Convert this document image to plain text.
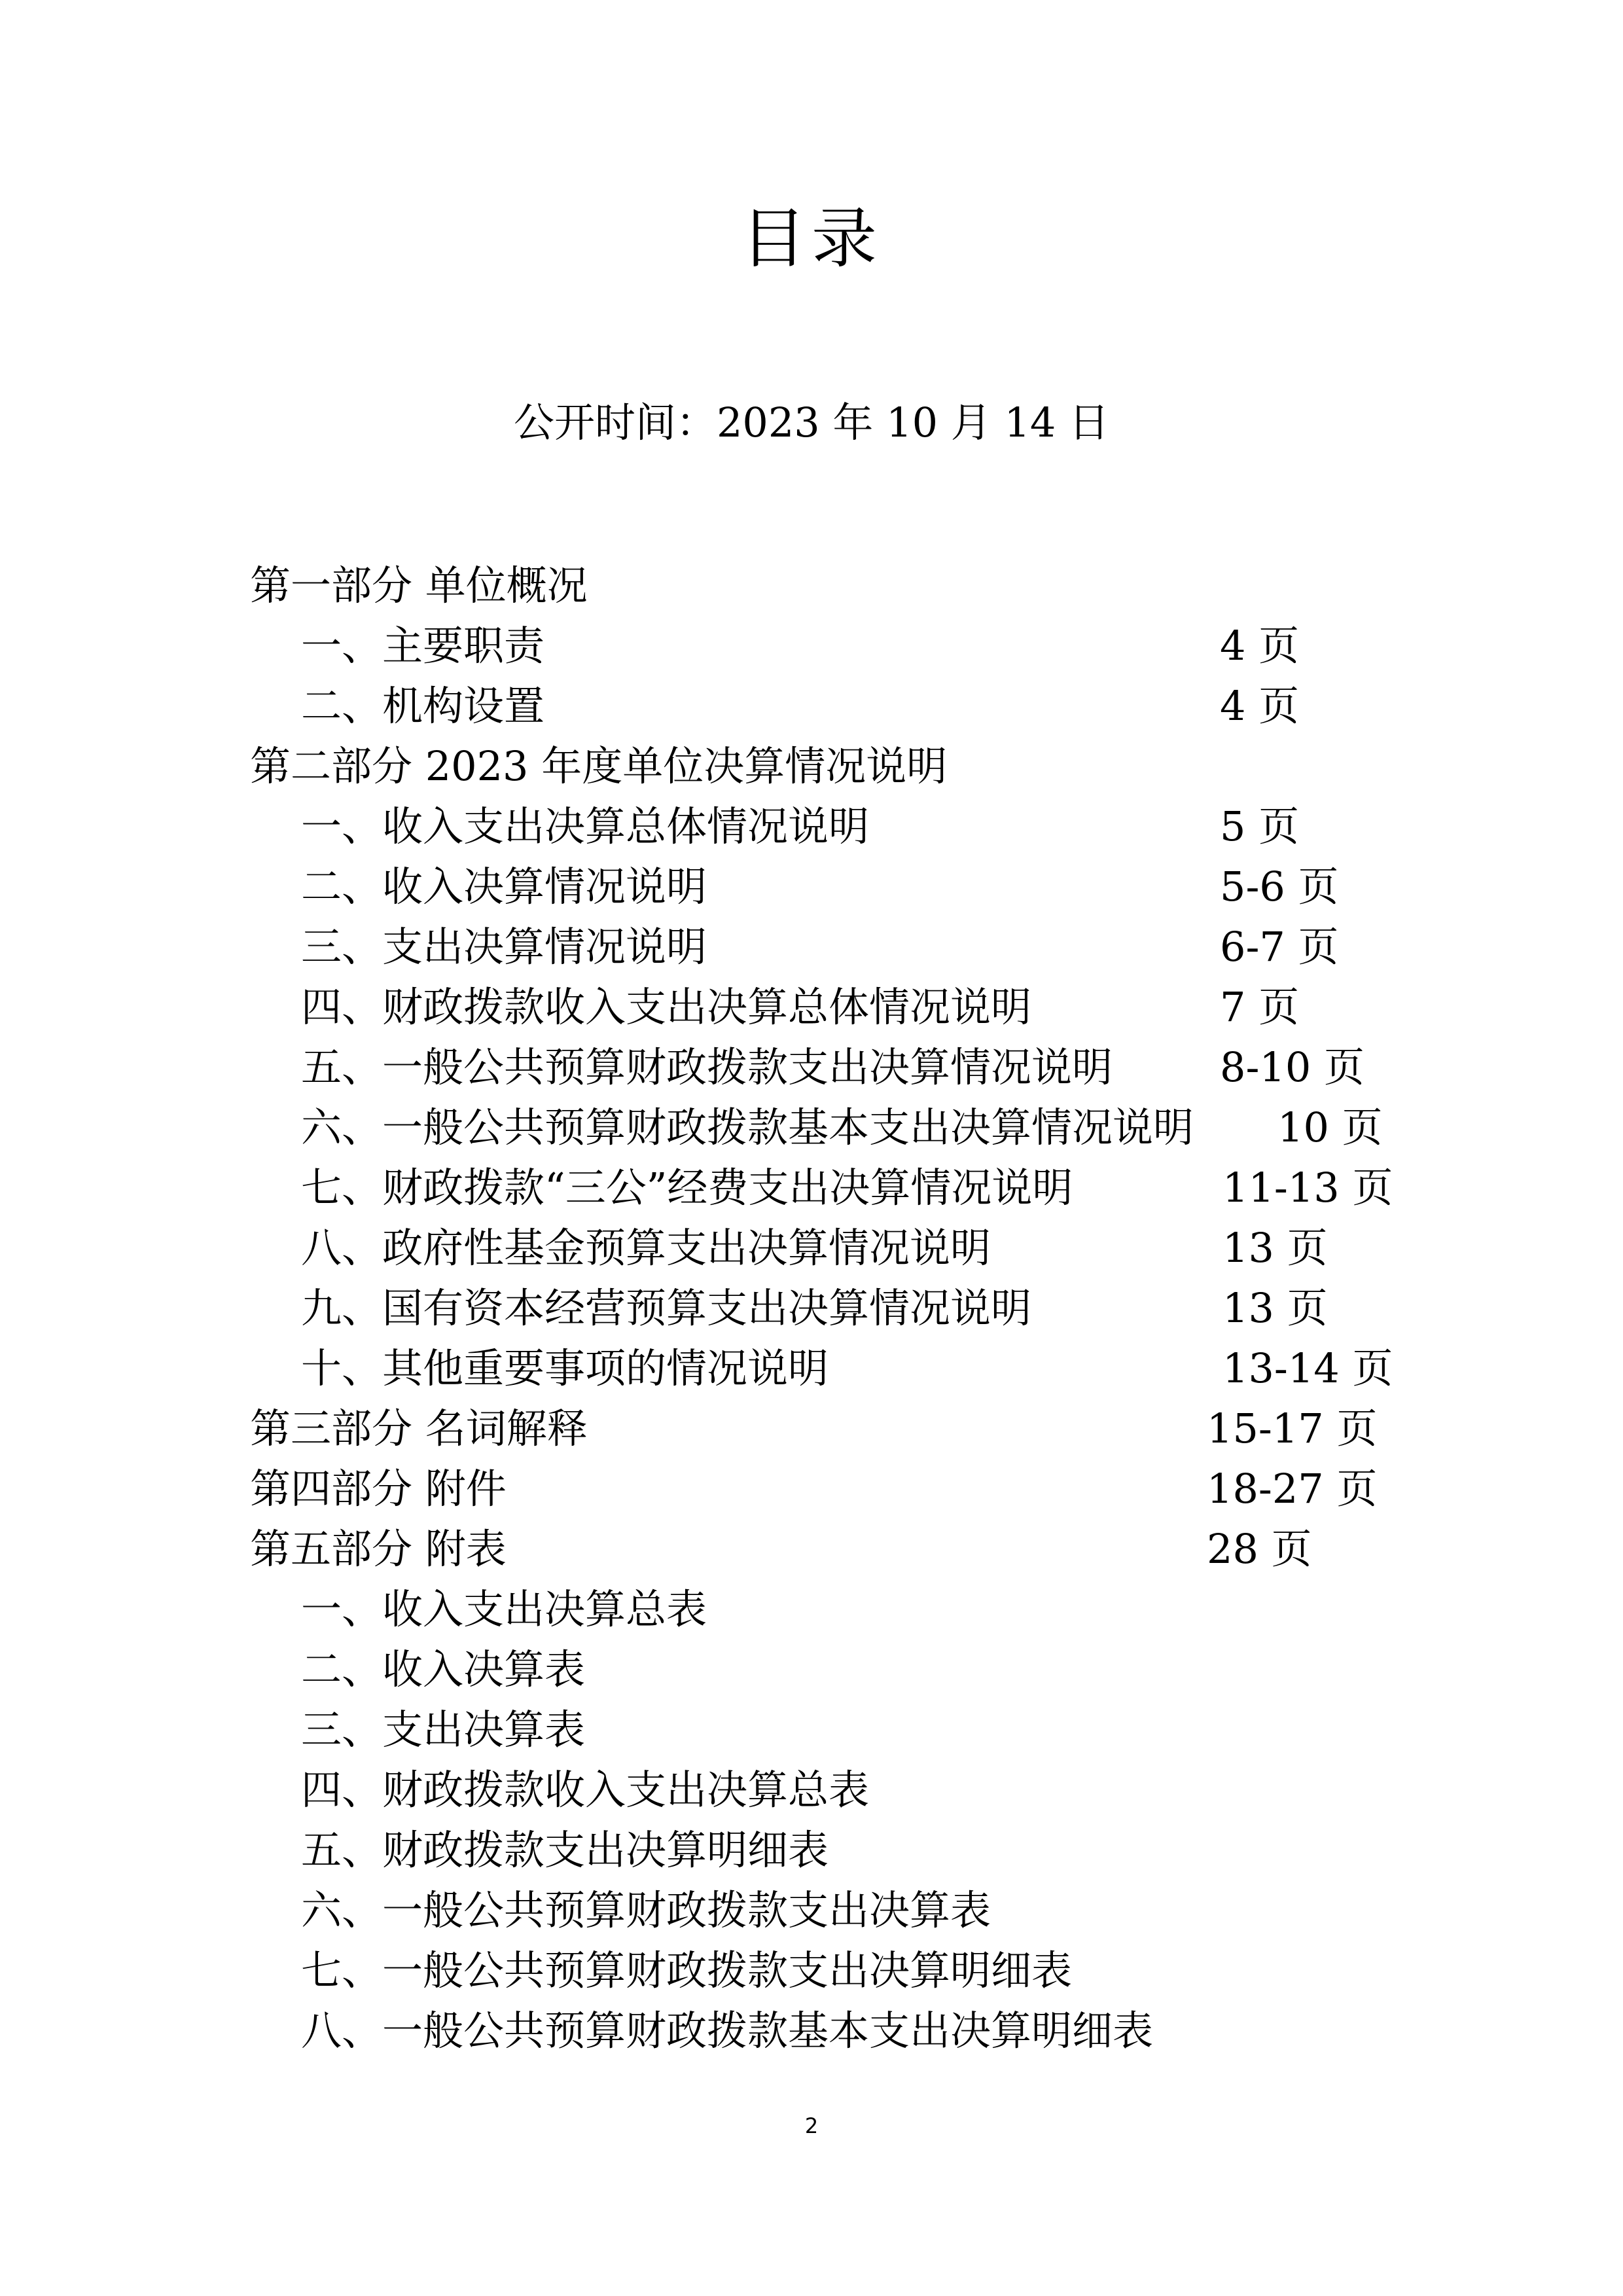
目录
公开时间：2023 年 10 月 14 日
第一部分 单位概况
一、主要职责	4 页
二、机构设置	4 页
第二部分 2023 年度单位决算情况说明
一、收入支出决算总体情况说明	5 页
二、收入决算情况说明	5-6 页
三、支出决算情况说明	6-7 页
四、财政拨款收入支出决算总体情况说明	7 页
五、一般公共预算财政拨款支出决算情况说明	8-10 页
六、一般公共预算财政拨款基本支出决算情况说明 10 页
七、财政拨款“三公”经费支出决算情况说明	11-13 页
八、政府性基金预算支出决算情况说明	13 页
九、国有资本经营预算支出决算情况说明	13 页
十、其他重要事项的情况说明	13-14 页
第三部分 名词解释	15-17 页
第四部分 附件	18-27 页
第五部分 附表	28 页
一、收入支出决算总表
二、收入决算表
三、支出决算表
四、财政拨款收入支出决算总表
五、财政拨款支出决算明细表
六、一般公共预算财政拨款支出决算表
七、一般公共预算财政拨款支出决算明细表
八、一般公共预算财政拨款基本支出决算明细表
2
